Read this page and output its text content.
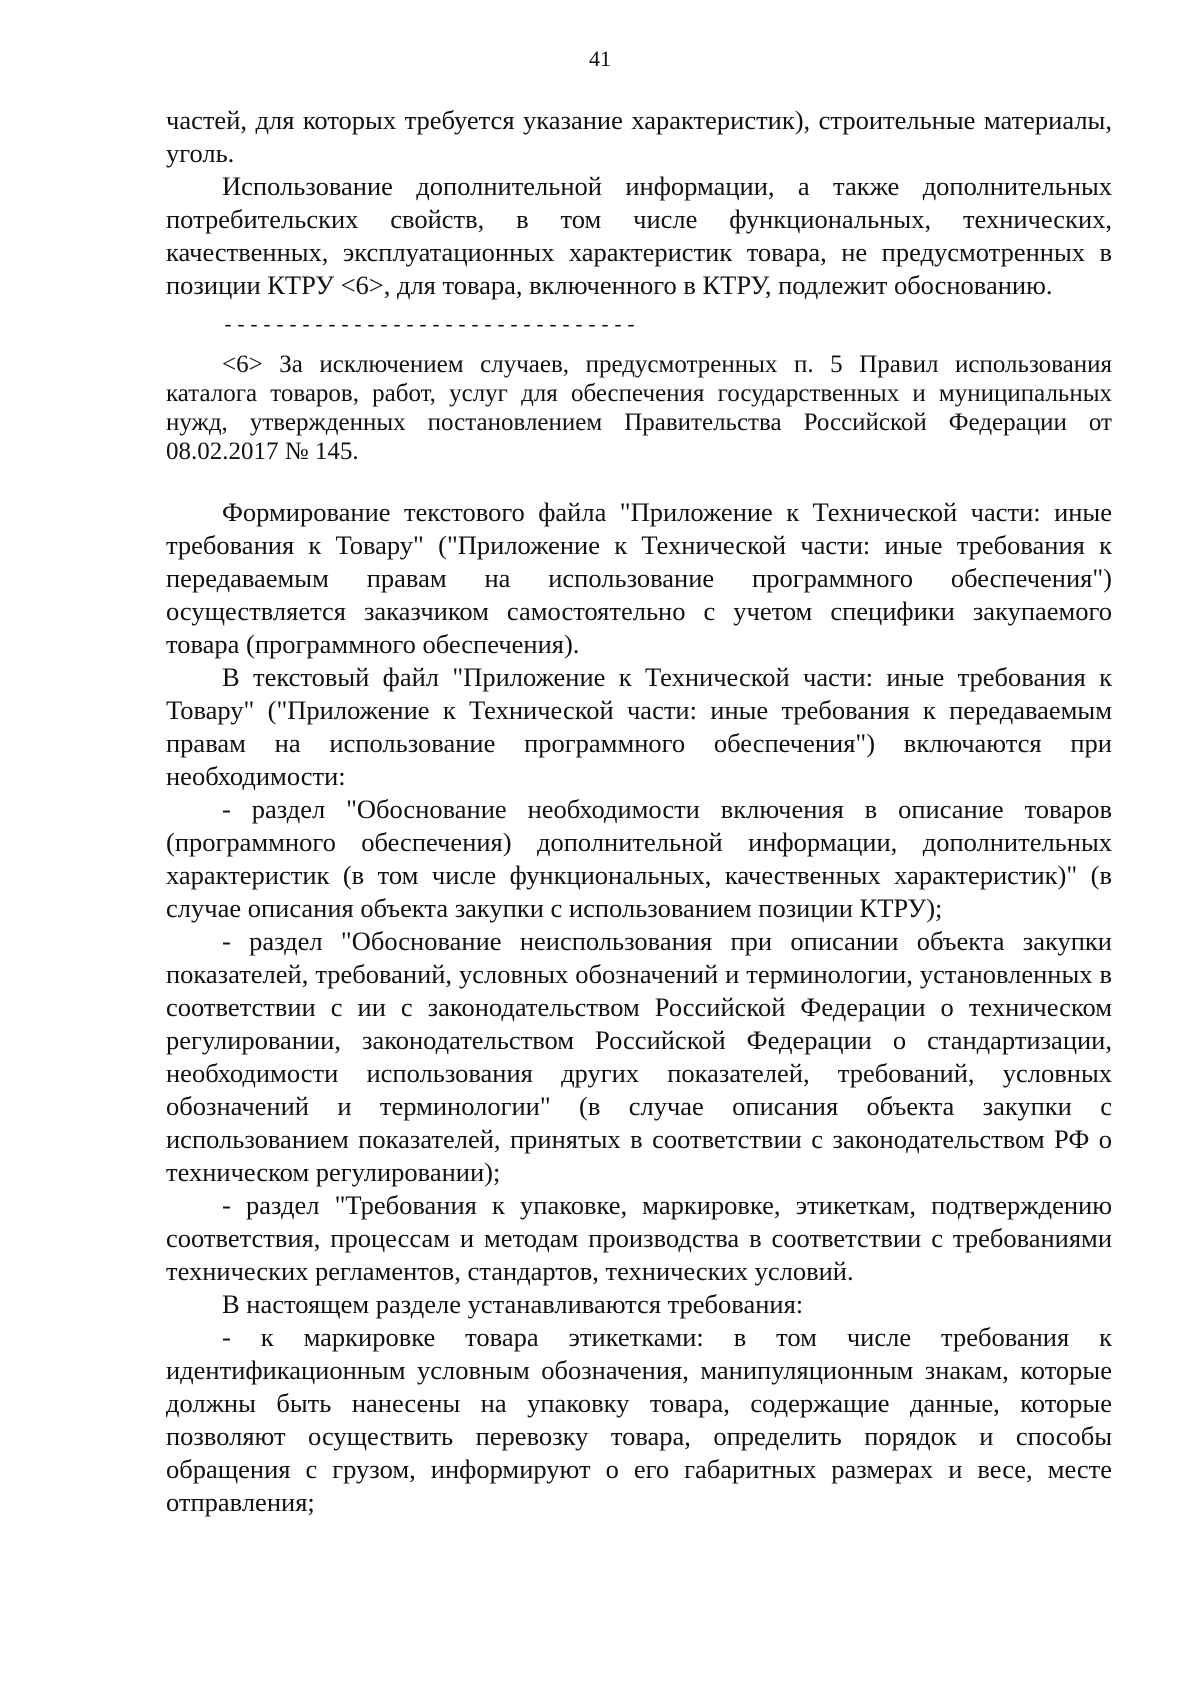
41

частей, для которых требуется указание характеристик), строительные материалы, уголь.

Использование дополнительной информации, а также дополнительных потребительских свойств, в том числе функциональных, технических, качественных, эксплуатационных характеристик товара, не предусмотренных в позиции КТРУ <6>, для товара, включенного в КТРУ, подлежит обоснованию.

--------------------------------

<6> За исключением случаев, предусмотренных п. 5 Правил использования каталога товаров, работ, услуг для обеспечения государственных и муниципальных нужд, утвержденных постановлением Правительства Российской Федерации от 08.02.2017 № 145.

Формирование текстового файла "Приложение к Технической части: иные требования к Товару" ("Приложение к Технической части: иные требования к передаваемым правам на использование программного обеспечения") осуществляется заказчиком самостоятельно с учетом специфики закупаемого товара (программного обеспечения).

В текстовый файл "Приложение к Технической части: иные требования к Товару" ("Приложение к Технической части: иные требования к передаваемым правам на использование программного обеспечения") включаются при необходимости:

- раздел "Обоснование необходимости включения в описание товаров (программного обеспечения) дополнительной информации, дополнительных характеристик (в том числе функциональных, качественных характеристик)" (в случае описания объекта закупки с использованием позиции КТРУ);

- раздел "Обоснование неиспользования при описании объекта закупки показателей, требований, условных обозначений и терминологии, установленных в соответствии с ии с законодательством Российской Федерации о техническом регулировании, законодательством Российской Федерации о стандартизации, необходимости использования других показателей, требований, условных обозначений и терминологии" (в случае описания объекта закупки с использованием показателей, принятых в соответствии с законодательством РФ о техническом регулировании);

- раздел "Требования к упаковке, маркировке, этикеткам, подтверждению соответствия, процессам и методам производства в соответствии с требованиями технических регламентов, стандартов, технических условий.

В настоящем разделе устанавливаются требования:

- к маркировке товара этикетками: в том числе требования к идентификационным условным обозначения, манипуляционным знакам, которые должны быть нанесены на упаковку товара, содержащие данные, которые позволяют осуществить перевозку товара, определить порядок и способы обращения с грузом, информируют о его габаритных размерах и весе, месте отправления;
